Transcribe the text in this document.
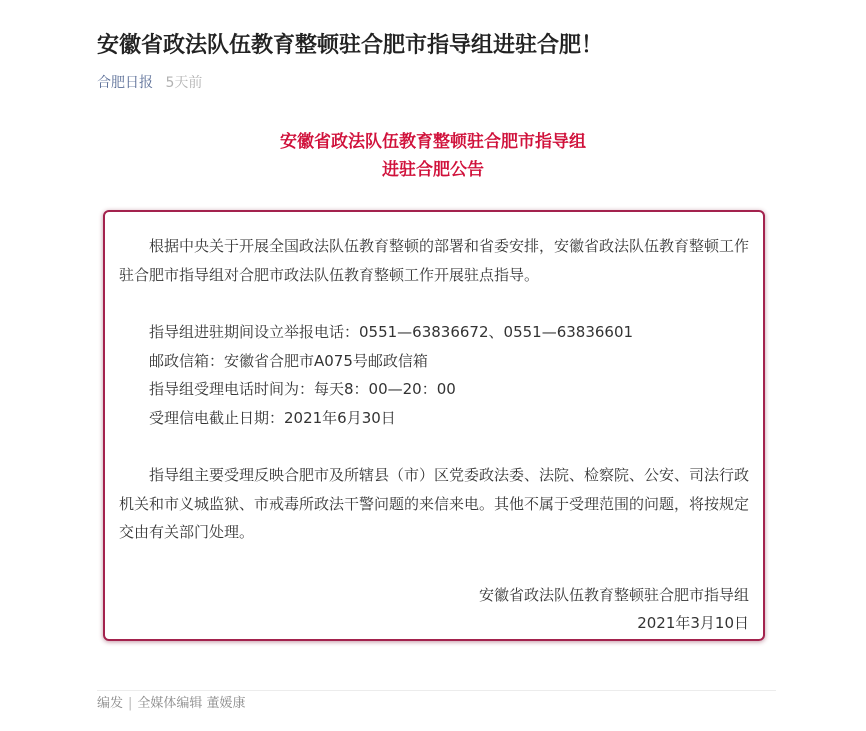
安徽省政法队伍教育整顿驻合肥市指导组进驻合肥！
合肥日报 5天前
安徽省政法队伍教育整顿驻合肥市指导组
进驻合肥公告

根据中央关于开展全国政法队伍教育整顿的部署和省委安排，安徽省政法队伍教育整顿工作驻合肥市指导组对合肥市政法队伍教育整顿工作开展驻点指导。

指导组进驻期间设立举报电话：0551—63836672、0551—63836601

邮政信箱：安徽省合肥市A075号邮政信箱

指导组受理电话时间为：每天8：00—20：00

受理信电截止日期：2021年6月30日

指导组主要受理反映合肥市及所辖县（市）区党委政法委、法院、检察院、公安、司法行政机关和市义城监狱、市戒毒所政法干警问题的来信来电。其他不属于受理范围的问题，将按规定交由有关部门处理。

安徽省政法队伍教育整顿驻合肥市指导组

2021年3月10日

编发 | 全媒体编辑 董媛康
